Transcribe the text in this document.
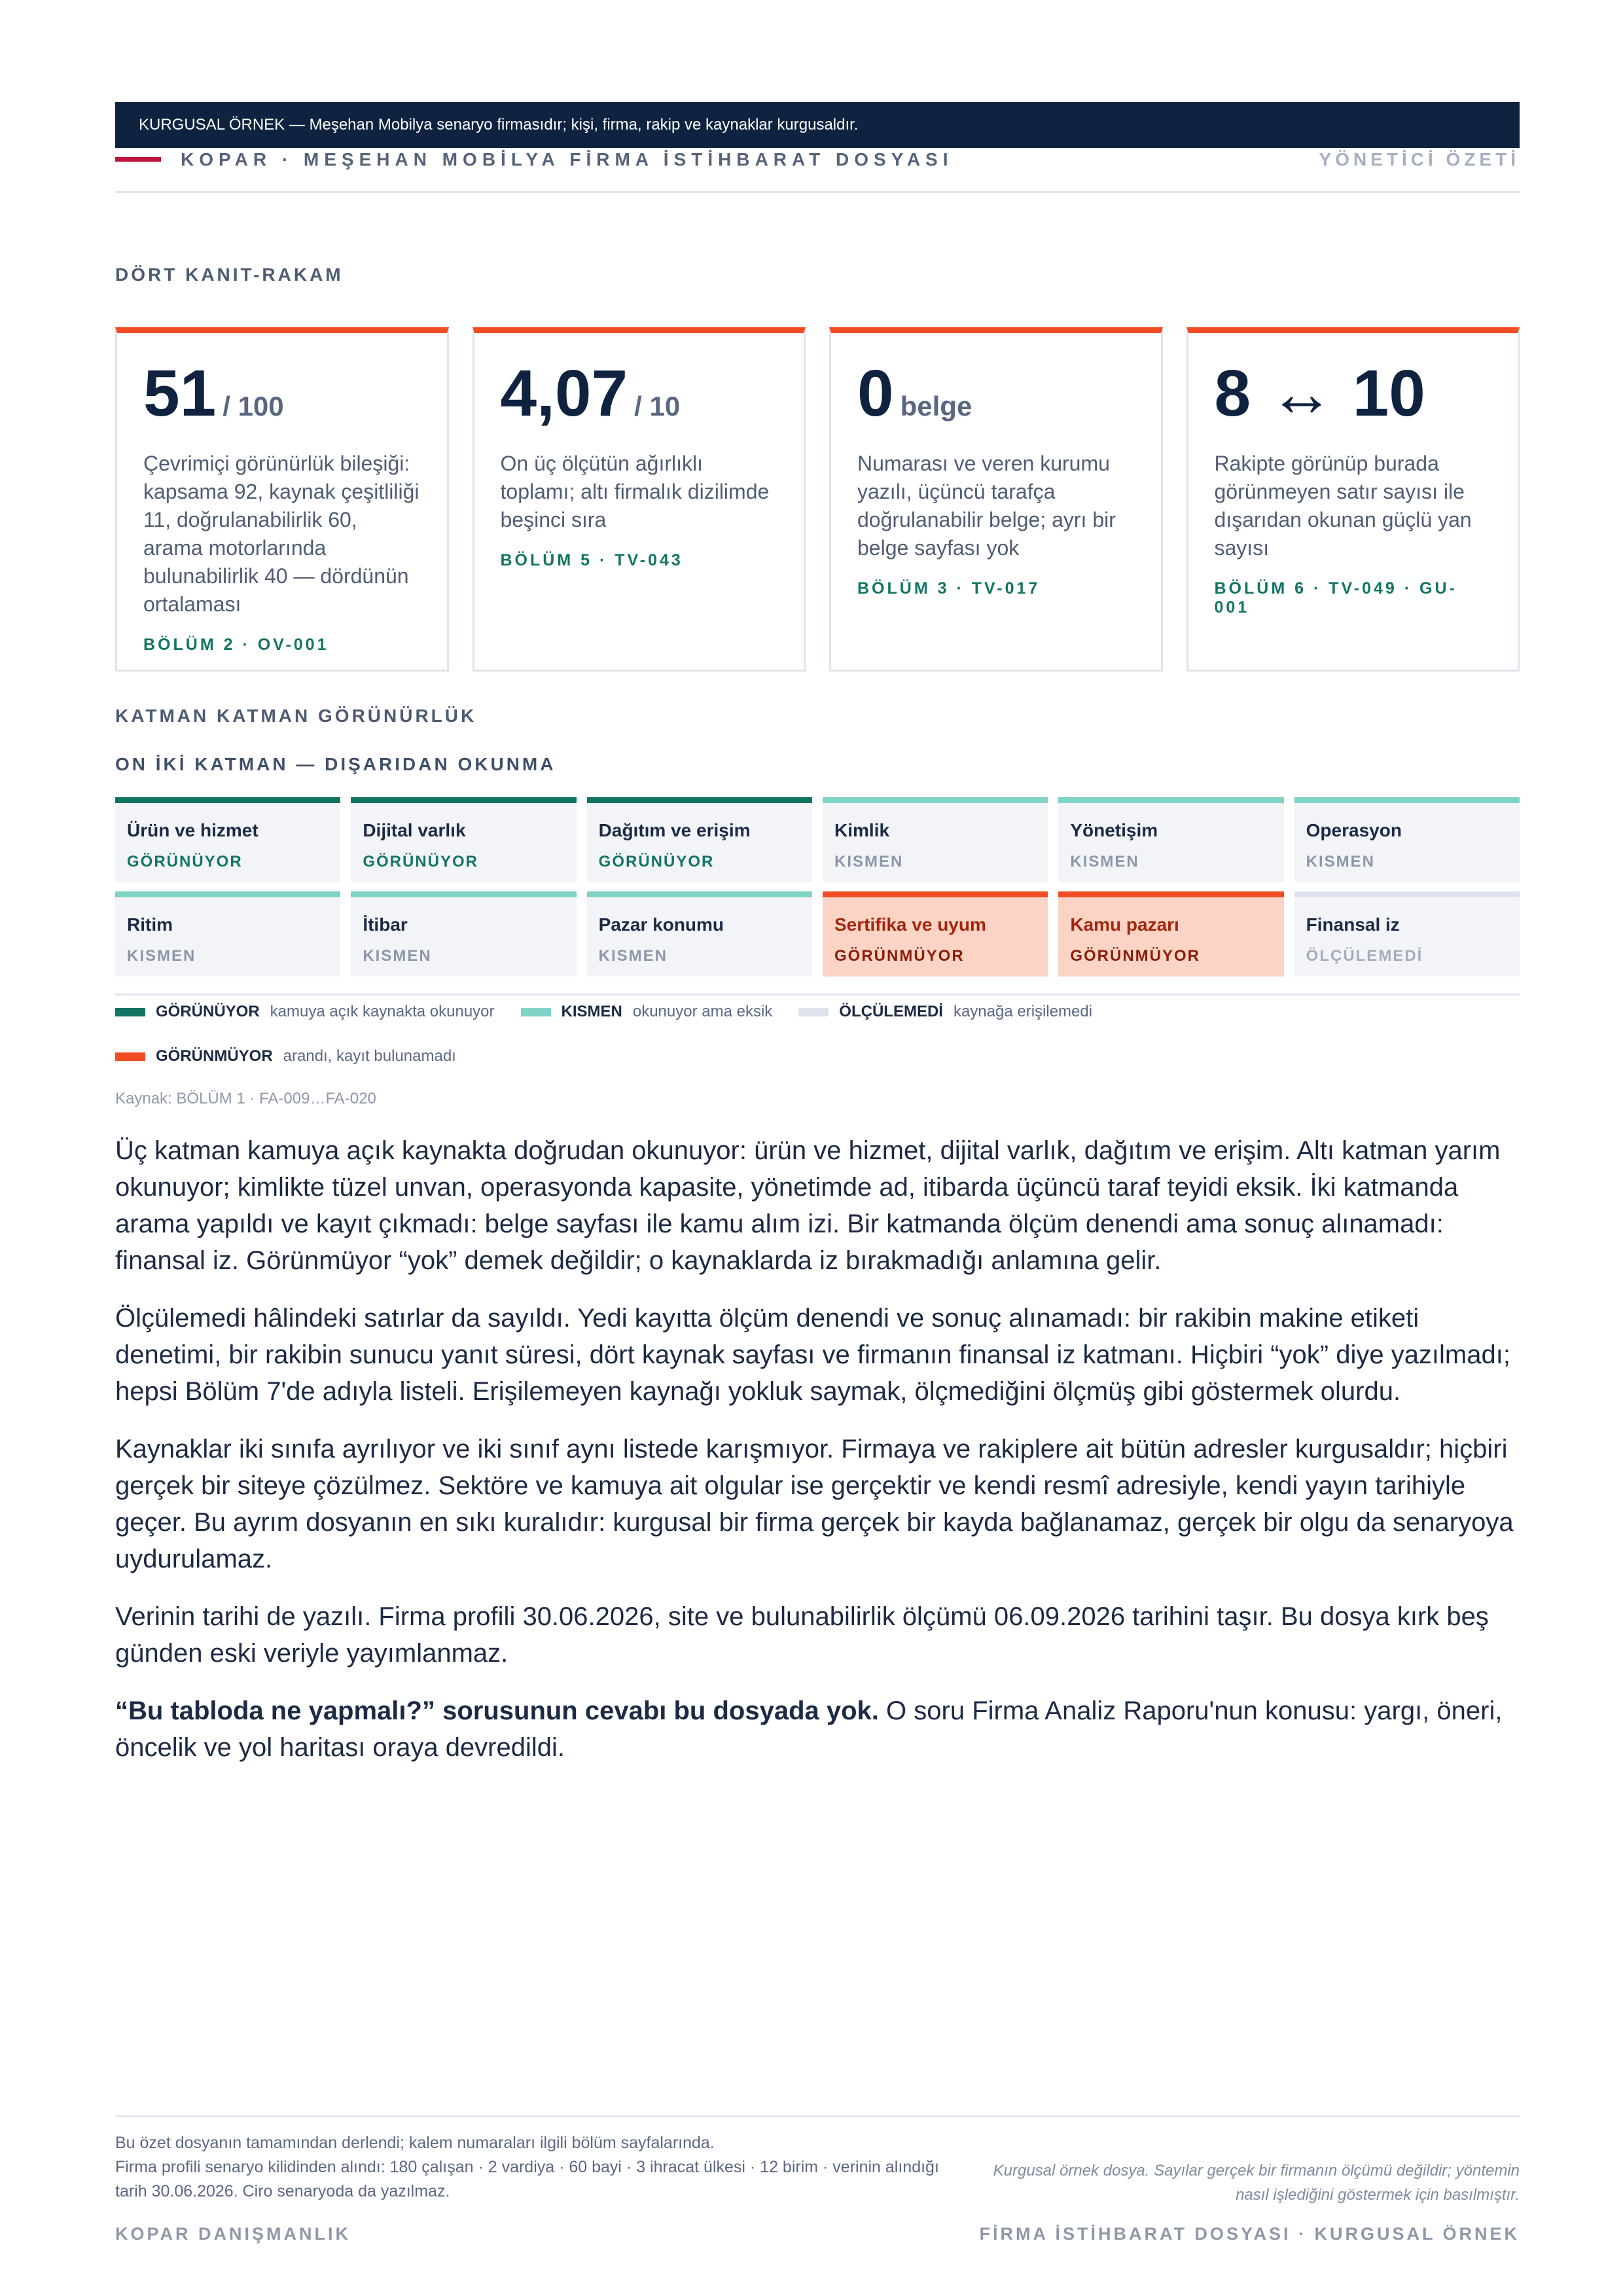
KURGUSAL ÖRNEK — Meşehan Mobilya senaryo firmasıdır; kişi, firma, rakip ve kaynaklar kurgusaldır.
KOPAR · MEŞEHAN MOBİLYA FİRMA İSTİHBARAT DOSYASI	YÖNETİCİ ÖZETİ
DÖRT KANIT-RAKAM
51 / 100
Çevrimiçi görünürlük bileşiği: kapsama 92, kaynak çeşitliliği 11, doğrulanabilirlik 60, arama motorlarında bulunabilirlik 40 — dördünün ortalaması
BÖLÜM 2 · OV-001
4,07 / 10
On üç ölçütün ağırlıklı toplamı; altı firmalık dizilimde beşinci sıra
BÖLÜM 5 · TV-043
0 belge
Numarası ve veren kurumu yazılı, üçüncü tarafça doğrulanabilir belge; ayrı bir belge sayfası yok
BÖLÜM 3 · TV-017
8 ↔ 10
Rakipte görünüp burada görünmeyen satır sayısı ile dışarıdan okunan güçlü yan sayısı
BÖLÜM 6 · TV-049 · GU-001
KATMAN KATMAN GÖRÜNÜRLÜK
ON İKİ KATMAN — DIŞARIDAN OKUNMA
Ürün ve hizmet
GÖRÜNÜYOR
Dijital varlık
GÖRÜNÜYOR
Dağıtım ve erişim
GÖRÜNÜYOR
Kimlik
KISMEN
Yönetişim
KISMEN
Operasyon
KISMEN
Ritim
KISMEN
İtibar
KISMEN
Pazar konumu
KISMEN
Sertifika ve uyum
GÖRÜNMÜYOR
Kamu pazarı
GÖRÜNMÜYOR
Finansal iz
ÖLÇÜLEMEDİ
GÖRÜNÜYOR kamuya açık kaynakta okunuyor	KISMEN okunuyor ama eksik	ÖLÇÜLEMEDİ kaynağa erişilemedi
GÖRÜNMÜYOR arandı, kayıt bulunamadı
Kaynak: BÖLÜM 1 · FA-009…FA-020

Üç katman kamuya açık kaynakta doğrudan okunuyor: ürün ve hizmet, dijital varlık, dağıtım ve erişim. Altı katman yarım okunuyor; kimlikte tüzel unvan, operasyonda kapasite, yönetimde ad, itibarda üçüncü taraf teyidi eksik. İki katmanda arama yapıldı ve kayıt çıkmadı: belge sayfası ile kamu alım izi. Bir katmanda ölçüm denendi ama sonuç alınamadı: finansal iz. Görünmüyor “yok” demek değildir; o kaynaklarda iz bırakmadığı anlamına gelir.

Ölçülemedi hâlindeki satırlar da sayıldı. Yedi kayıtta ölçüm denendi ve sonuç alınamadı: bir rakibin makine etiketi denetimi, bir rakibin sunucu yanıt süresi, dört kaynak sayfası ve firmanın finansal iz katmanı. Hiçbiri “yok” diye yazılmadı; hepsi Bölüm 7'de adıyla listeli. Erişilemeyen kaynağı yokluk saymak, ölçmediğini ölçmüş gibi göstermek olurdu.

Kaynaklar iki sınıfa ayrılıyor ve iki sınıf aynı listede karışmıyor. Firmaya ve rakiplere ait bütün adresler kurgusaldır; hiçbiri gerçek bir siteye çözülmez. Sektöre ve kamuya ait olgular ise gerçektir ve kendi resmî adresiyle, kendi yayın tarihiyle geçer. Bu ayrım dosyanın en sıkı kuralıdır: kurgusal bir firma gerçek bir kayda bağlanamaz, gerçek bir olgu da senaryoya uydurulamaz.

Verinin tarihi de yazılı. Firma profili 30.06.2026, site ve bulunabilirlik ölçümü 06.09.2026 tarihini taşır. Bu dosya kırk beş günden eski veriyle yayımlanmaz.

“Bu tabloda ne yapmalı?” sorusunun cevabı bu dosyada yok. O soru Firma Analiz Raporu'nun konusu: yargı, öneri, öncelik ve yol haritası oraya devredildi.

Bu özet dosyanın tamamından derlendi; kalem numaraları ilgili bölüm sayfalarında.
Firma profili senaryo kilidinden alındı: 180 çalışan · 2 vardiya · 60 bayi · 3 ihracat ülkesi · 12 birim · verinin alındığı tarih 30.06.2026. Ciro senaryoda da yazılmaz.
Kurgusal örnek dosya. Sayılar gerçek bir firmanın ölçümü değildir; yöntemin nasıl işlediğini göstermek için basılmıştır.
KOPAR DANIŞMANLIK	FİRMA İSTİHBARAT DOSYASI · KURGUSAL ÖRNEK
